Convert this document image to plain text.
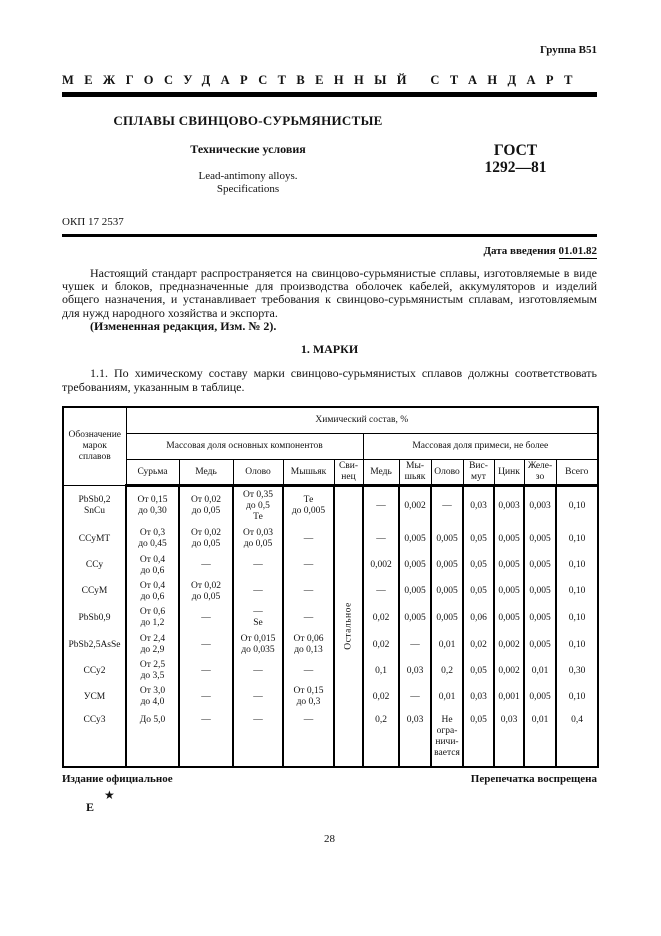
Группа В51
МЕЖГОСУДАРСТВЕННЫЙ СТАНДАРТ
СПЛАВЫ СВИНЦОВО-СУРЬМЯНИСТЫЕ
Технические условия
Lead-antimony alloys.
Specifications
ГОСТ
1292—81
ОКП 17 2537
Дата введения 01.01.82
Настоящий стандарт распространяется на свинцово-сурьмянистые сплавы, изготовляемые в виде чушек и блоков, предназначенные для производства оболочек кабелей, аккумуляторов и изделий общего назначения, и устанавливает требования к свинцово-сурьмянистым сплавам, изготовляемым для нужд народного хозяйства и экспорта.
(Измененная редакция, Изм. № 2).
1. МАРКИ
1.1. По химическому составу марки свинцово-сурьмянистых сплавов должны соответствовать требованиям, указанным в таблице.
Обозначение
марок
сплавов	Химический состав, %											
	Массовая доля основных компонентов					Массовая доля примеси, не более						
	Сурьма	Медь	Олово	Мышьяк	Сви-
нец	Медь	Мы-
шьяк	Олово	Вис-
мут	Цинк	Желе-
зо	Всего
PbSb0,2
SnCu	От 0,15
до 0,30	От 0,02
до 0,05	От 0,35
до 0,5
Те	Те
до 0,005	Остальное	—	0,002	—	0,03	0,003	0,003	0,10
ССуМТ	От 0,3
до 0,45	От 0,02
до 0,05	От 0,03
до 0,05	—		—	0,005	0,005	0,05	0,005	0,005	0,10
ССу	От 0,4
до 0,6	—	—	—		0,002	0,005	0,005	0,05	0,005	0,005	0,10
ССуМ	От 0,4
до 0,6	От 0,02
до 0,05	—	—		—	0,005	0,005	0,05	0,005	0,005	0,10
PbSb0,9	От 0,6
до 1,2	—	—
Se	—		0,02	0,005	0,005	0,06	0,005	0,005	0,10
PbSb2,5AsSe	От 2,4
до 2,9	—	От 0,015
до 0,035	От 0,06
до 0,13		0,02	—	0,01	0,02	0,002	0,005	0,10
ССу2	От 2,5
до 3,5	—	—	—		0,1	0,03	0,2	0,05	0,002	0,01	0,30
УСМ	От 3,0
до 4,0	—	—	От 0,15
до 0,3		0,02	—	0,01	0,03	0,001	0,005	0,10
ССу3	До 5,0	—	—	—		0,2	0,03	Не
огра-
ничи-
вается	0,05	0,03	0,01	0,4
Издание официальное	Перепечатка воспрещена
★
Е
28
